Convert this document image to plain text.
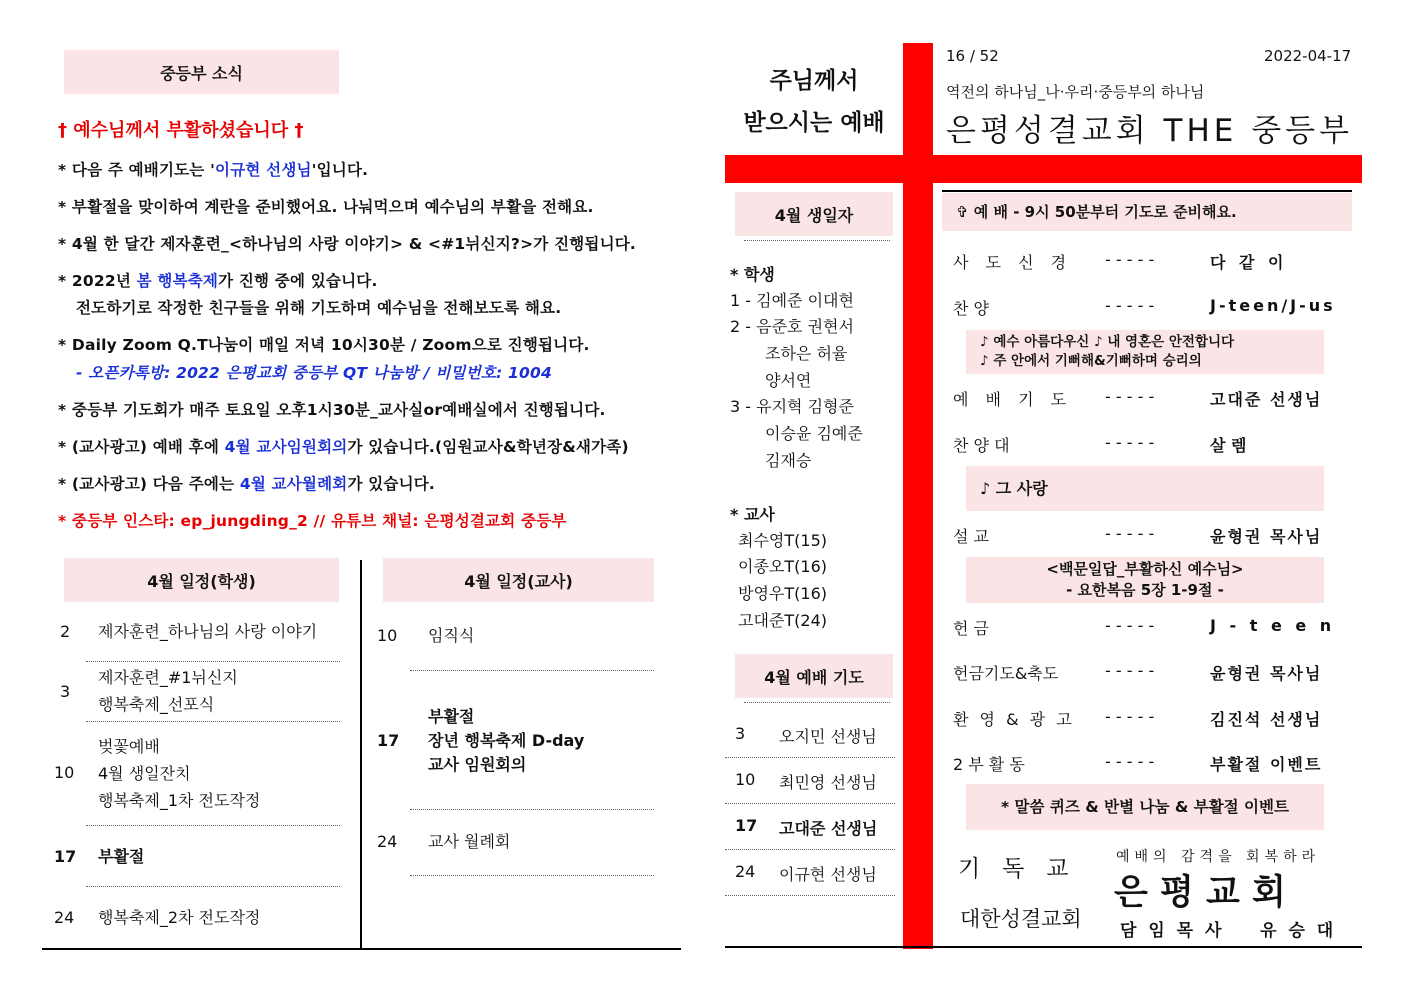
중등부 소식
† 예수님께서 부활하셨습니다 †
* 다음 주 예배기도는 '이규현 선생님'입니다.
* 부활절을 맞이하여 계란을 준비했어요. 나눠먹으며 예수님의 부활을 전해요.
* 4월 한 달간 제자훈련_<하나님의 사랑 이야기> & <#1뉘신지?>가 진행됩니다.
* 2022년 봄 행복축제가 진행 중에 있습니다.
전도하기로 작정한 친구들을 위해 기도하며 예수님을 전해보도록 해요.
* Daily Zoom Q.T나눔이 매일 저녁 10시30분 / Zoom으로 진행됩니다.
- 오픈카톡방: 2022 은평교회 중등부 QT 나눔방 / 비밀번호: 1004
* 중등부 기도회가 매주 토요일 오후1시30분_교사실or예배실에서 진행됩니다.
* (교사광고) 예배 후에 4월 교사임원회의가 있습니다.(임원교사&학년장&새가족)
* (교사광고) 다음 주에는 4월 교사월례회가 있습니다.
* 중등부 인스타: ep_jungding_2 // 유튜브 채널: 은평성결교회 중등부
4월 일정(학생)	4월 일정(교사)
2 제자훈련_하나님의 사랑 이야기
3
제자훈련_#1뉘신지
행복축제_선포식
10
벚꽃예배
4월 생일잔치
행복축제_1차 전도작정
17 부활절
24 행복축제_2차 전도작정
10 임직식
17
부활절
장년 행복축제 D-day
교사 임원회의
24 교사 월례회
주님께서
받으시는 예배
16 / 52	2022-04-17
역전의 하나님_나·우리·중등부의 하나님
은평성결교회 THE 중등부
4월 생일자
* 학생
1 - 김예준 이대현
2 - 음준호 권현서
조하은 허율
양서연
3 - 유지혁 김형준
이승윤 김예준
김재승
* 교사
최수영T(15)
이종오T(16)
방영우T(16)
고대준T(24)
4월 예배 기도
3 오지민 선생님
10 최민영 선생님
17 고대준 선생님
24 이규현 선생님
✞ 예 배 - 9시 50분부터 기도로 준비해요.
사 도 신 경 - - - - -	다 같 이
찬 양	- - - - -	J-teen/J-us
♪ 예수 아름다우신 ♪ 내 영혼은 안전합니다
♪ 주 안에서 기뻐해&기뻐하며 승리의
예 배 기 도 - - - - -	고대준 선생님
찬 양 대	- - - - -	살 렘
♪ 그 사랑
설 교	- - - - -	윤형권 목사님
<백문일답_부활하신 예수님>
- 요한복음 5장 1-9절 -
헌 금	- - - - -	J - t e e n
헌금기도&축도	- - - - -	윤형권 목사님
환 영 & 광 고 - - - - -	김진석 선생님
2 부 활 동	- - - - -	부활절 이벤트
* 말씀 퀴즈 & 반별 나눔 & 부활절 이벤트
기   독   교
대한성결교회
예배의 감격을 회복하라
은 평 교 회
담 임 목 사    유 승 대
